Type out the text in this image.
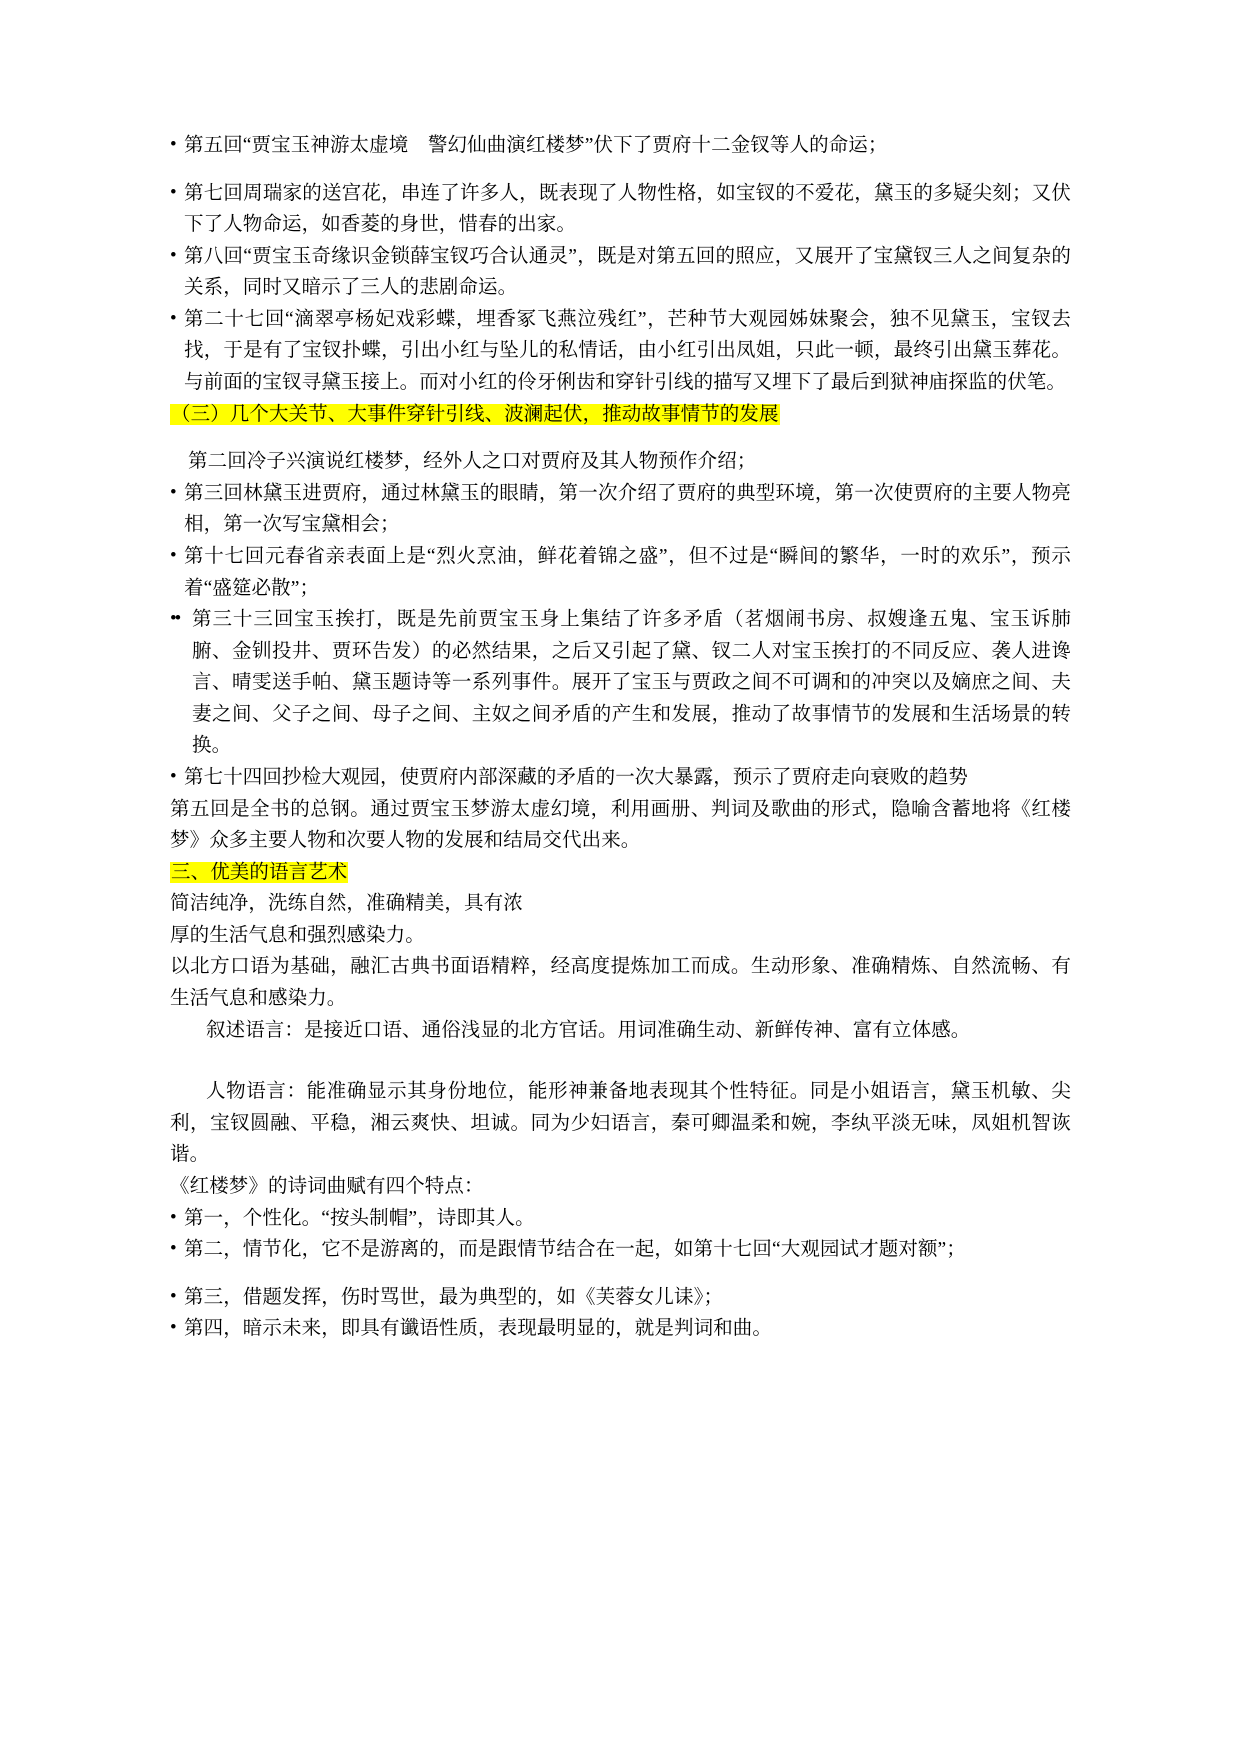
• 第五回“贾宝玉神游太虚境　警幻仙曲演红楼梦”伏下了贾府十二金钗等人的命运；

• 第七回周瑞家的送宫花，串连了许多人，既表现了人物性格，如宝钗的不爱花，黛玉的多疑尖刻；又伏下了人物命运，如香菱的身世，惜春的出家。

• 第八回“贾宝玉奇缘识金锁薛宝钗巧合认通灵”，既是对第五回的照应，又展开了宝黛钗三人之间复杂的关系，同时又暗示了三人的悲剧命运。

• 第二十七回“滴翠亭杨妃戏彩蝶，埋香冢飞燕泣残红”，芒种节大观园姊妹聚会，独不见黛玉，宝钗去找，于是有了宝钗扑蝶，引出小红与坠儿的私情话，由小红引出凤姐，只此一顿，最终引出黛玉葬花。与前面的宝钗寻黛玉接上。而对小红的伶牙俐齿和穿针引线的描写又埋下了最后到狱神庙探监的伏笔。

（三）几个大关节、大事件穿针引线、波澜起伏，推动故事情节的发展

第二回冷子兴演说红楼梦，经外人之口对贾府及其人物预作介绍；

• 第三回林黛玉进贾府，通过林黛玉的眼睛，第一次介绍了贾府的典型环境，第一次使贾府的主要人物亮相，第一次写宝黛相会；

• 第十七回元春省亲表面上是“烈火烹油，鲜花着锦之盛”，但不过是“瞬间的繁华，一时的欢乐”，预示着“盛筵必散”；

•• 第三十三回宝玉挨打，既是先前贾宝玉身上集结了许多矛盾（茗烟闹书房、叔嫂逢五鬼、宝玉诉肺腑、金钏投井、贾环告发）的必然结果，之后又引起了黛、钗二人对宝玉挨打的不同反应、袭人进谗言、晴雯送手帕、黛玉题诗等一系列事件。展开了宝玉与贾政之间不可调和的冲突以及嫡庶之间、夫妻之间、父子之间、母子之间、主奴之间矛盾的产生和发展，推动了故事情节的发展和生活场景的转换。

• 第七十四回抄检大观园，使贾府内部深藏的矛盾的一次大暴露，预示了贾府走向衰败的趋势

第五回是全书的总钢。通过贾宝玉梦游太虚幻境，利用画册、判词及歌曲的形式，隐喻含蓄地将《红楼梦》众多主要人物和次要人物的发展和结局交代出来。

三、优美的语言艺术

简洁纯净，洗练自然，准确精美，具有浓

厚的生活气息和强烈感染力。

以北方口语为基础，融汇古典书面语精粹，经高度提炼加工而成。生动形象、准确精炼、自然流畅、有生活气息和感染力。

叙述语言：是接近口语、通俗浅显的北方官话。用词准确生动、新鲜传神、富有立体感。

人物语言：能准确显示其身份地位，能形神兼备地表现其个性特征。同是小姐语言，黛玉机敏、尖利，宝钗圆融、平稳，湘云爽快、坦诚。同为少妇语言，秦可卿温柔和婉，李纨平淡无味，凤姐机智诙谐。

《红楼梦》的诗词曲赋有四个特点：

• 第一，个性化。“按头制帽”，诗即其人。

• 第二，情节化，它不是游离的，而是跟情节结合在一起，如第十七回“大观园试才题对额”；

• 第三，借题发挥，伤时骂世，最为典型的，如《芙蓉女儿诔》；

• 第四，暗示未来，即具有谶语性质，表现最明显的，就是判词和曲。
